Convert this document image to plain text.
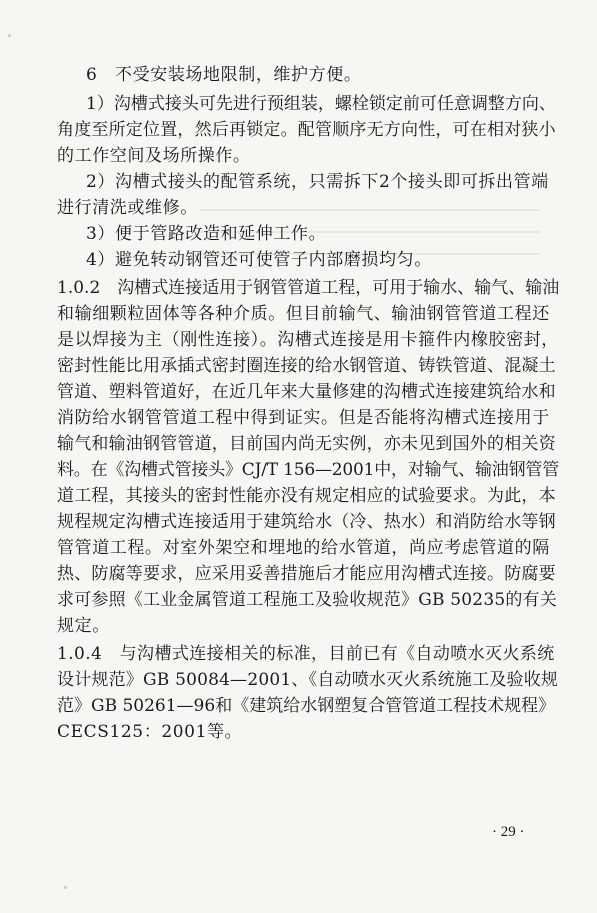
6　不受安装场地限制，维护方便。
1）沟槽式接头可先进行预组装，螺栓锁定前可任意调整方向、
角度至所定位置，然后再锁定。配管顺序无方向性，可在相对狭小
的工作空间及场所操作。
2）沟槽式接头的配管系统，只需拆下2个接头即可拆出管端
进行清洗或维修。
3）便于管路改造和延伸工作。
4）避免转动钢管还可使管子内部磨损均匀。
1.0.2　沟槽式连接适用于钢管管道工程，可用于输水、输气、输油
和输细颗粒固体等各种介质。但目前输气、输油钢管管道工程还
是以焊接为主（刚性连接）。沟槽式连接是用卡箍件内橡胶密封，
密封性能比用承插式密封圈连接的给水钢管道、铸铁管道、混凝土
管道、塑料管道好，在近几年来大量修建的沟槽式连接建筑给水和
消防给水钢管管道工程中得到证实。但是否能将沟槽式连接用于
输气和输油钢管管道，目前国内尚无实例，亦未见到国外的相关资
料。在《沟槽式管接头》CJ/T 156—2001中，对输气、输油钢管管
道工程，其接头的密封性能亦没有规定相应的试验要求。为此，本
规程规定沟槽式连接适用于建筑给水（冷、热水）和消防给水等钢
管管道工程。对室外架空和埋地的给水管道，尚应考虑管道的隔
热、防腐等要求，应采用妥善措施后才能应用沟槽式连接。防腐要
求可参照《工业金属管道工程施工及验收规范》GB 50235的有关
规定。
1.0.4　与沟槽式连接相关的标准，目前已有《自动喷水灭火系统
设计规范》GB 50084—2001、《自动喷水灭火系统施工及验收规
范》GB 50261—96和《建筑给水钢塑复合管管道工程技术规程》
CECS125：2001等。
· 29 ·
